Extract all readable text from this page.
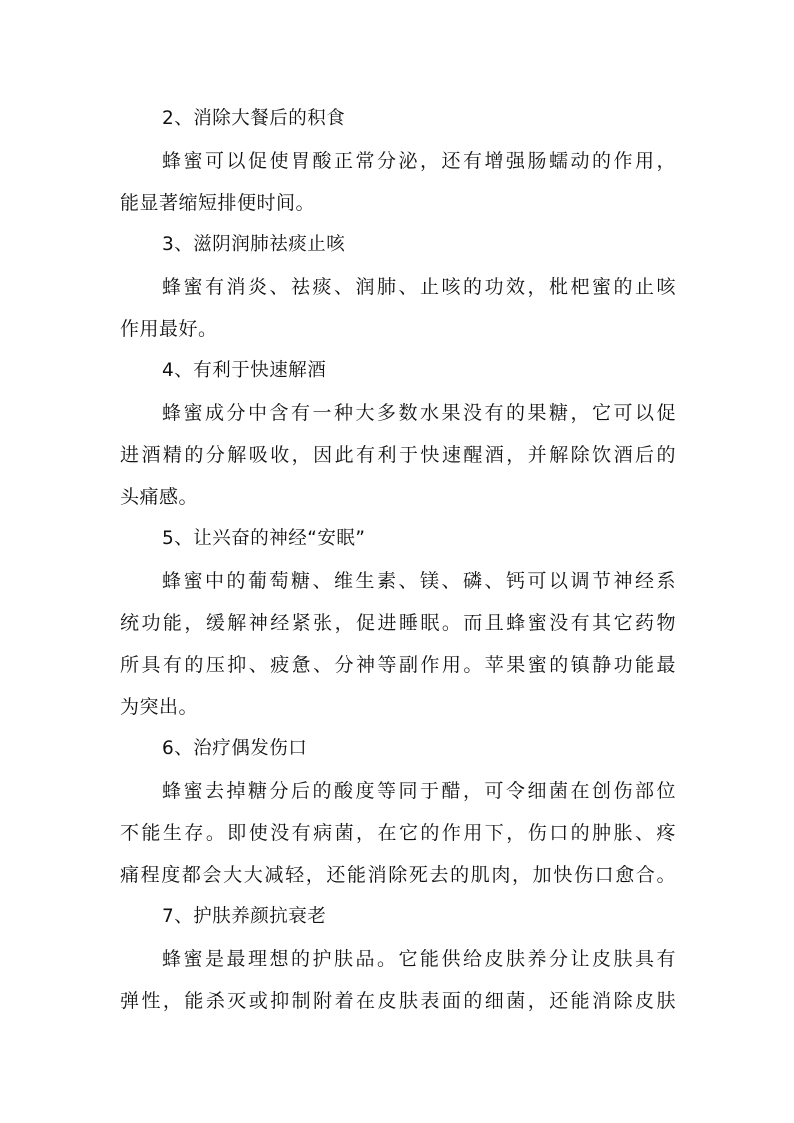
2、消除大餐后的积食
蜂蜜可以促使胃酸正常分泌，还有增强肠蠕动的作用，
能显著缩短排便时间。
3、滋阴润肺祛痰止咳
蜂蜜有消炎、祛痰、润肺、止咳的功效，枇杷蜜的止咳
作用最好。
4、有利于快速解酒
蜂蜜成分中含有一种大多数水果没有的果糖，它可以促
进酒精的分解吸收，因此有利于快速醒酒，并解除饮酒后的
头痛感。
5、让兴奋的神经“安眠”
蜂蜜中的葡萄糖、维生素、镁、磷、钙可以调节神经系
统功能，缓解神经紧张，促进睡眠。而且蜂蜜没有其它药物
所具有的压抑、疲惫、分神等副作用。苹果蜜的镇静功能最
为突出。
6、治疗偶发伤口
蜂蜜去掉糖分后的酸度等同于醋，可令细菌在创伤部位
不能生存。即使没有病菌，在它的作用下，伤口的肿胀、疼
痛程度都会大大减轻，还能消除死去的肌肉，加快伤口愈合。
7、护肤养颜抗衰老
蜂蜜是最理想的护肤品。它能供给皮肤养分让皮肤具有
弹性，能杀灭或抑制附着在皮肤表面的细菌，还能消除皮肤
